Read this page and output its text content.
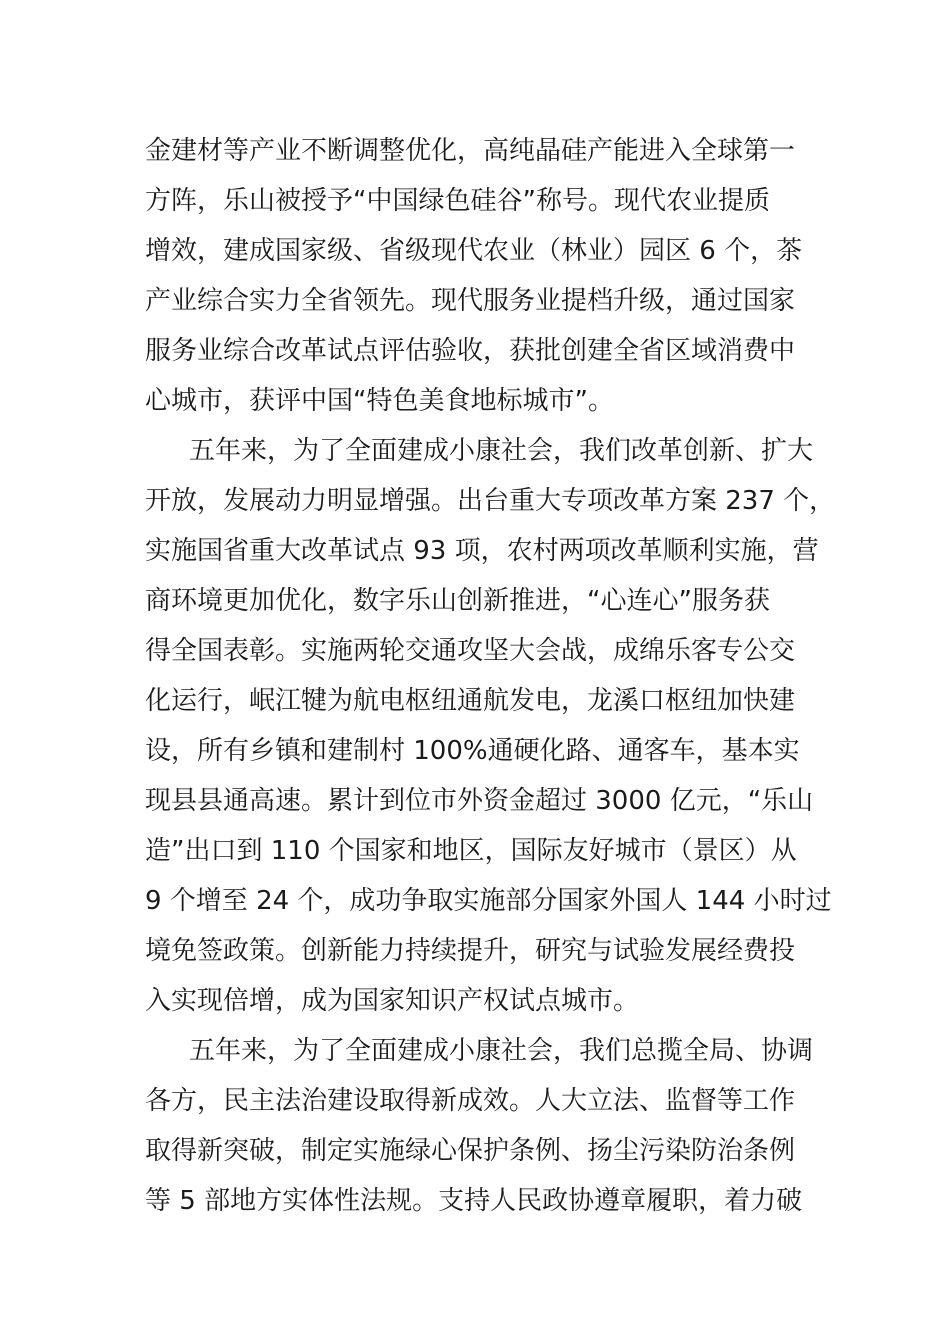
金建材等产业不断调整优化，高纯晶硅产能进入全球第一
方阵，乐山被授予“中国绿色硅谷”称号。现代农业提质
增效，建成国家级、省级现代农业（林业）园区 6 个，茶
产业综合实力全省领先。现代服务业提档升级，通过国家
服务业综合改革试点评估验收，获批创建全省区域消费中
心城市，获评中国“特色美食地标城市”。
五年来，为了全面建成小康社会，我们改革创新、扩大
开放，发展动力明显增强。出台重大专项改革方案 237 个，
实施国省重大改革试点 93 项，农村两项改革顺利实施，营
商环境更加优化，数字乐山创新推进，“心连心”服务获
得全国表彰。实施两轮交通攻坚大会战，成绵乐客专公交
化运行，岷江犍为航电枢纽通航发电，龙溪口枢纽加快建
设，所有乡镇和建制村 100%通硬化路、通客车，基本实
现县县通高速。累计到位市外资金超过 3000 亿元，“乐山
造”出口到 110 个国家和地区，国际友好城市（景区）从
9 个增至 24 个，成功争取实施部分国家外国人 144 小时过
境免签政策。创新能力持续提升，研究与试验发展经费投
入实现倍增，成为国家知识产权试点城市。
五年来，为了全面建成小康社会，我们总揽全局、协调
各方，民主法治建设取得新成效。人大立法、监督等工作
取得新突破，制定实施绿心保护条例、扬尘污染防治条例
等 5 部地方实体性法规。支持人民政协遵章履职，着力破
